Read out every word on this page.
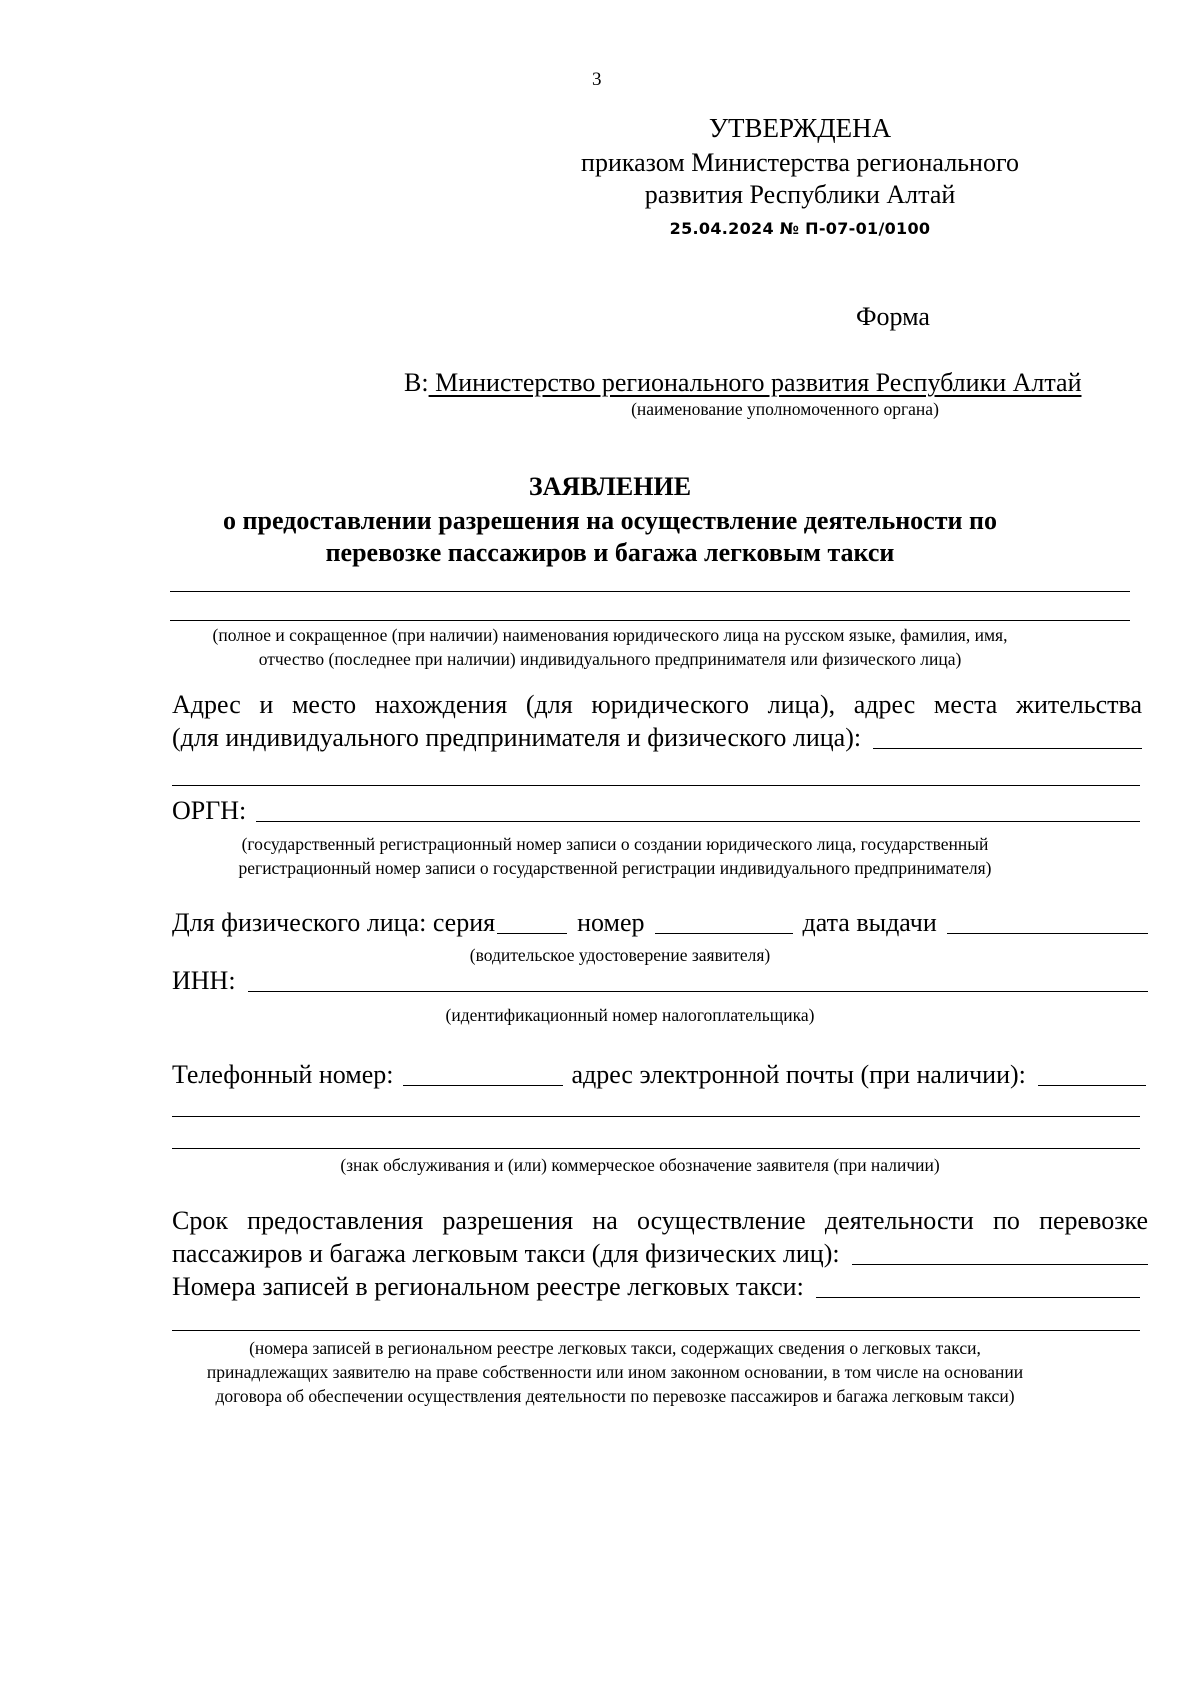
3
УТВЕРЖДЕНА
приказом Министерства регионального
развития Республики Алтай
25.04.2024 № П-07-01/0100
Форма
В: Министерство регионального развития Республики Алтай
(наименование уполномоченного органа)
ЗАЯВЛЕНИЕ
о предоставлении разрешения на осуществление деятельности по
перевозке пассажиров и багажа легковым такси
(полное и сокращенное (при наличии) наименования юридического лица на русском языке, фамилия, имя,
отчество (последнее при наличии) индивидуального предпринимателя или физического лица)
Адрес и место нахождения (для юридического лица), адрес места жительства
(для индивидуального предпринимателя и физического лица):
ОРГН:
(государственный регистрационный номер записи о создании юридического лица, государственный
регистрационный номер записи о государственной регистрации индивидуального предпринимателя)
Для физического лица: серия	номер	дата выдачи
(водительское удостоверение заявителя)
ИНН:
(идентификационный номер налогоплательщика)
Телефонный номер:	адрес электронной почты (при наличии):
(знак обслуживания и (или) коммерческое обозначение заявителя (при наличии)
Срок предоставления разрешения на осуществление деятельности по перевозке
пассажиров и багажа легковым такси (для физических лиц):
Номера записей в региональном реестре легковых такси:
(номера записей в региональном реестре легковых такси, содержащих сведения о легковых такси,
принадлежащих заявителю на праве собственности или ином законном основании, в том числе на основании
договора об обеспечении осуществления деятельности по перевозке пассажиров и багажа легковым такси)
